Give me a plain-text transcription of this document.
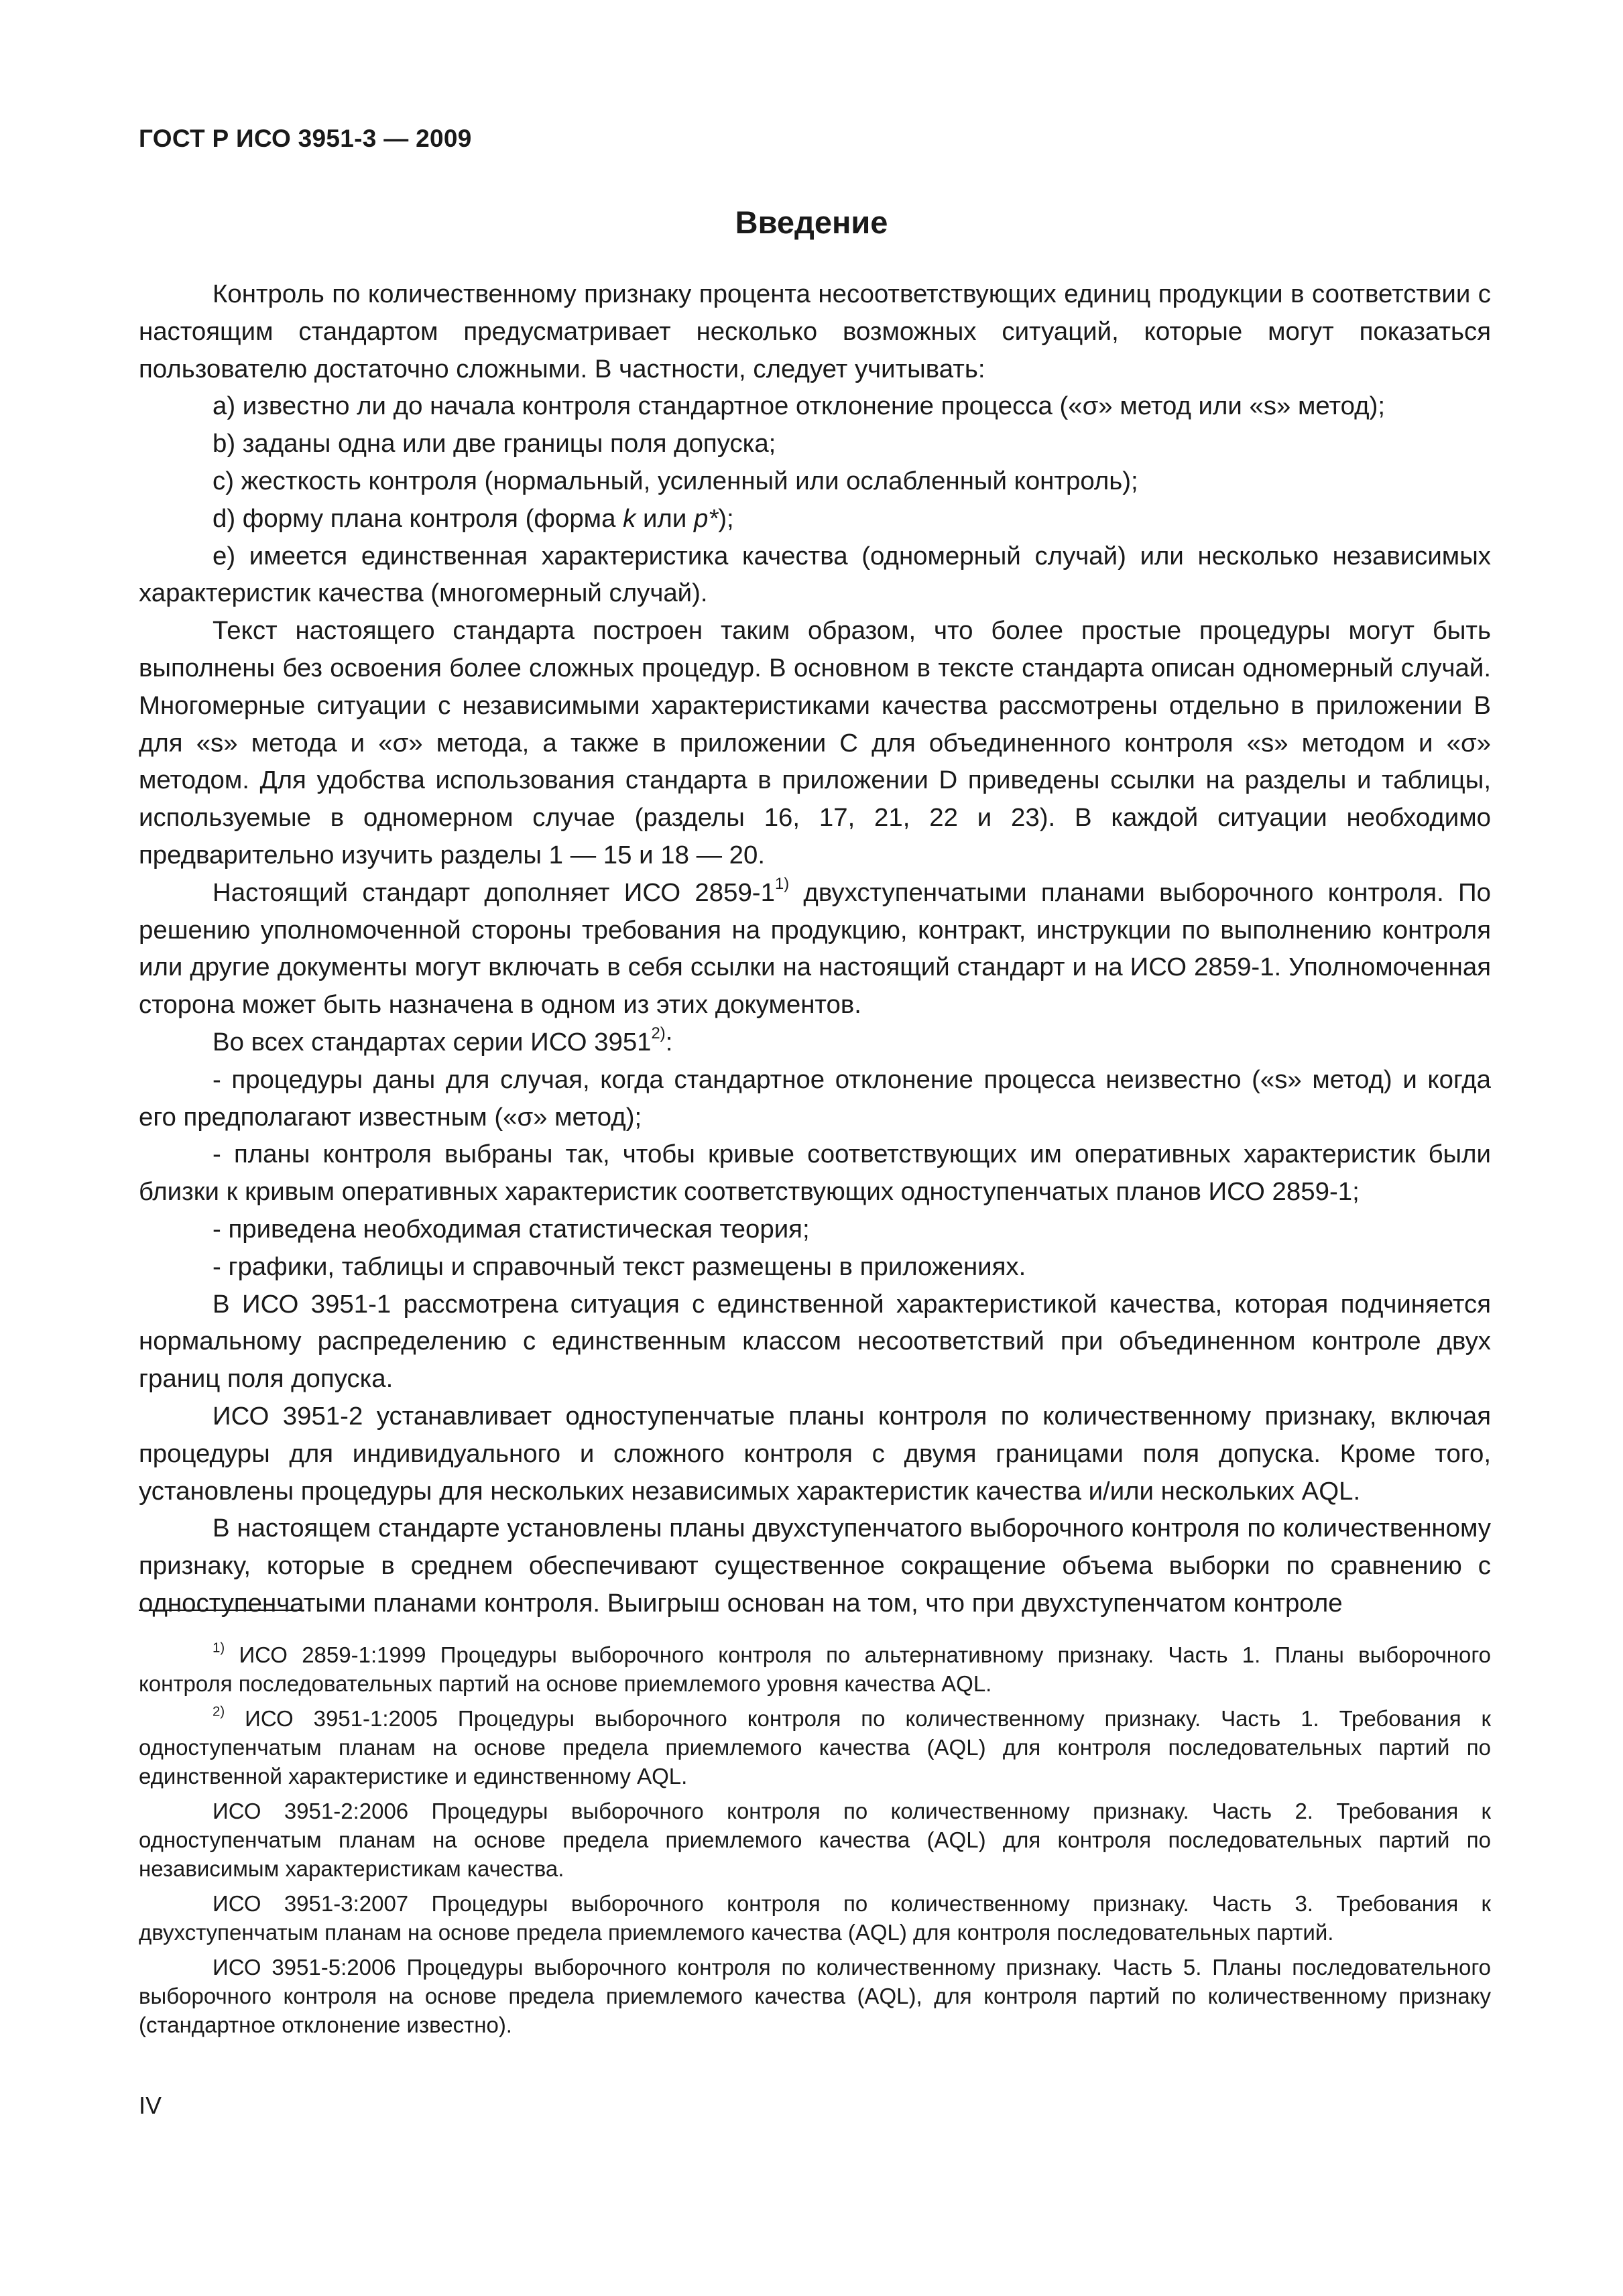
ГОСТ Р ИСО 3951-3 — 2009
Введение

Контроль по количественному признаку процента несоответствующих единиц продукции в соответствии с настоящим стандартом предусматривает несколько возможных ситуаций, которые могут показаться пользователю достаточно сложными. В частности, следует учитывать:

a) известно ли до начала контроля стандартное отклонение процесса («σ» метод или «s» метод);

b) заданы одна или две границы поля допуска;

c) жесткость контроля (нормальный, усиленный или ослабленный контроль);

d) форму плана контроля (форма k или p*);

e) имеется единственная характеристика качества (одномерный случай) или несколько независимых характеристик качества (многомерный случай).

Текст настоящего стандарта построен таким образом, что более простые процедуры могут быть выполнены без освоения более сложных процедур. В основном в тексте стандарта описан одномерный случай. Многомерные ситуации с независимыми характеристиками качества рассмотрены отдельно в приложении В для «s» метода и «σ» метода, а также в приложении С для объединенного контроля «s» методом и «σ» методом. Для удобства использования стандарта в приложении D приведены ссылки на разделы и таблицы, используемые в одномерном случае (разделы 16, 17, 21, 22 и 23). В каждой ситуации необходимо предварительно изучить разделы 1 — 15 и 18 — 20.

Настоящий стандарт дополняет ИСО 2859-1$^{1)}$ двухступенчатыми планами выборочного контроля. По решению уполномоченной стороны требования на продукцию, контракт, инструкции по выполнению контроля или другие документы могут включать в себя ссылки на настоящий стандарт и на ИСО 2859-1. Уполномоченная сторона может быть назначена в одном из этих документов.

Во всех стандартах серии ИСО 3951$^{2)}$:

- процедуры даны для случая, когда стандартное отклонение процесса неизвестно («s» метод) и когда его предполагают известным («σ» метод);

- планы контроля выбраны так, чтобы кривые соответствующих им оперативных характеристик были близки к кривым оперативных характеристик соответствующих одноступенчатых планов ИСО 2859-1;

- приведена необходимая статистическая теория;

- графики, таблицы и справочный текст размещены в приложениях.

В ИСО 3951-1 рассмотрена ситуация с единственной характеристикой качества, которая подчиняется нормальному распределению с единственным классом несоответствий при объединенном контроле двух границ поля допуска.

ИСО 3951-2 устанавливает одноступенчатые планы контроля по количественному признаку, включая процедуры для индивидуального и сложного контроля с двумя границами поля допуска. Кроме того, установлены процедуры для нескольких независимых характеристик качества и/или нескольких AQL.

В настоящем стандарте установлены планы двухступенчатого выборочного контроля по количественному признаку, которые в среднем обеспечивают существенное сокращение объема выборки по сравнению с одноступенчатыми планами контроля. Выигрыш основан на том, что при двухступенчатом контроле

$^{1)}$ ИСО 2859-1:1999 Процедуры выборочного контроля по альтернативному признаку. Часть 1. Планы выборочного контроля последовательных партий на основе приемлемого уровня качества AQL.

$^{2)}$ ИСО 3951-1:2005 Процедуры выборочного контроля по количественному признаку. Часть 1. Требования к одноступенчатым планам на основе предела приемлемого качества (AQL) для контроля последовательных партий по единственной характеристике и единственному AQL.

ИСО 3951-2:2006 Процедуры выборочного контроля по количественному признаку. Часть 2. Требования к одноступенчатым планам на основе предела приемлемого качества (AQL) для контроля последовательных партий по независимым характеристикам качества.

ИСО 3951-3:2007 Процедуры выборочного контроля по количественному признаку. Часть 3. Требования к двухступенчатым планам на основе предела приемлемого качества (AQL) для контроля последовательных партий.

ИСО 3951-5:2006 Процедуры выборочного контроля по количественному признаку. Часть 5. Планы последовательного выборочного контроля на основе предела приемлемого качества (AQL), для контроля партий по количественному признаку (стандартное отклонение известно).

IV
